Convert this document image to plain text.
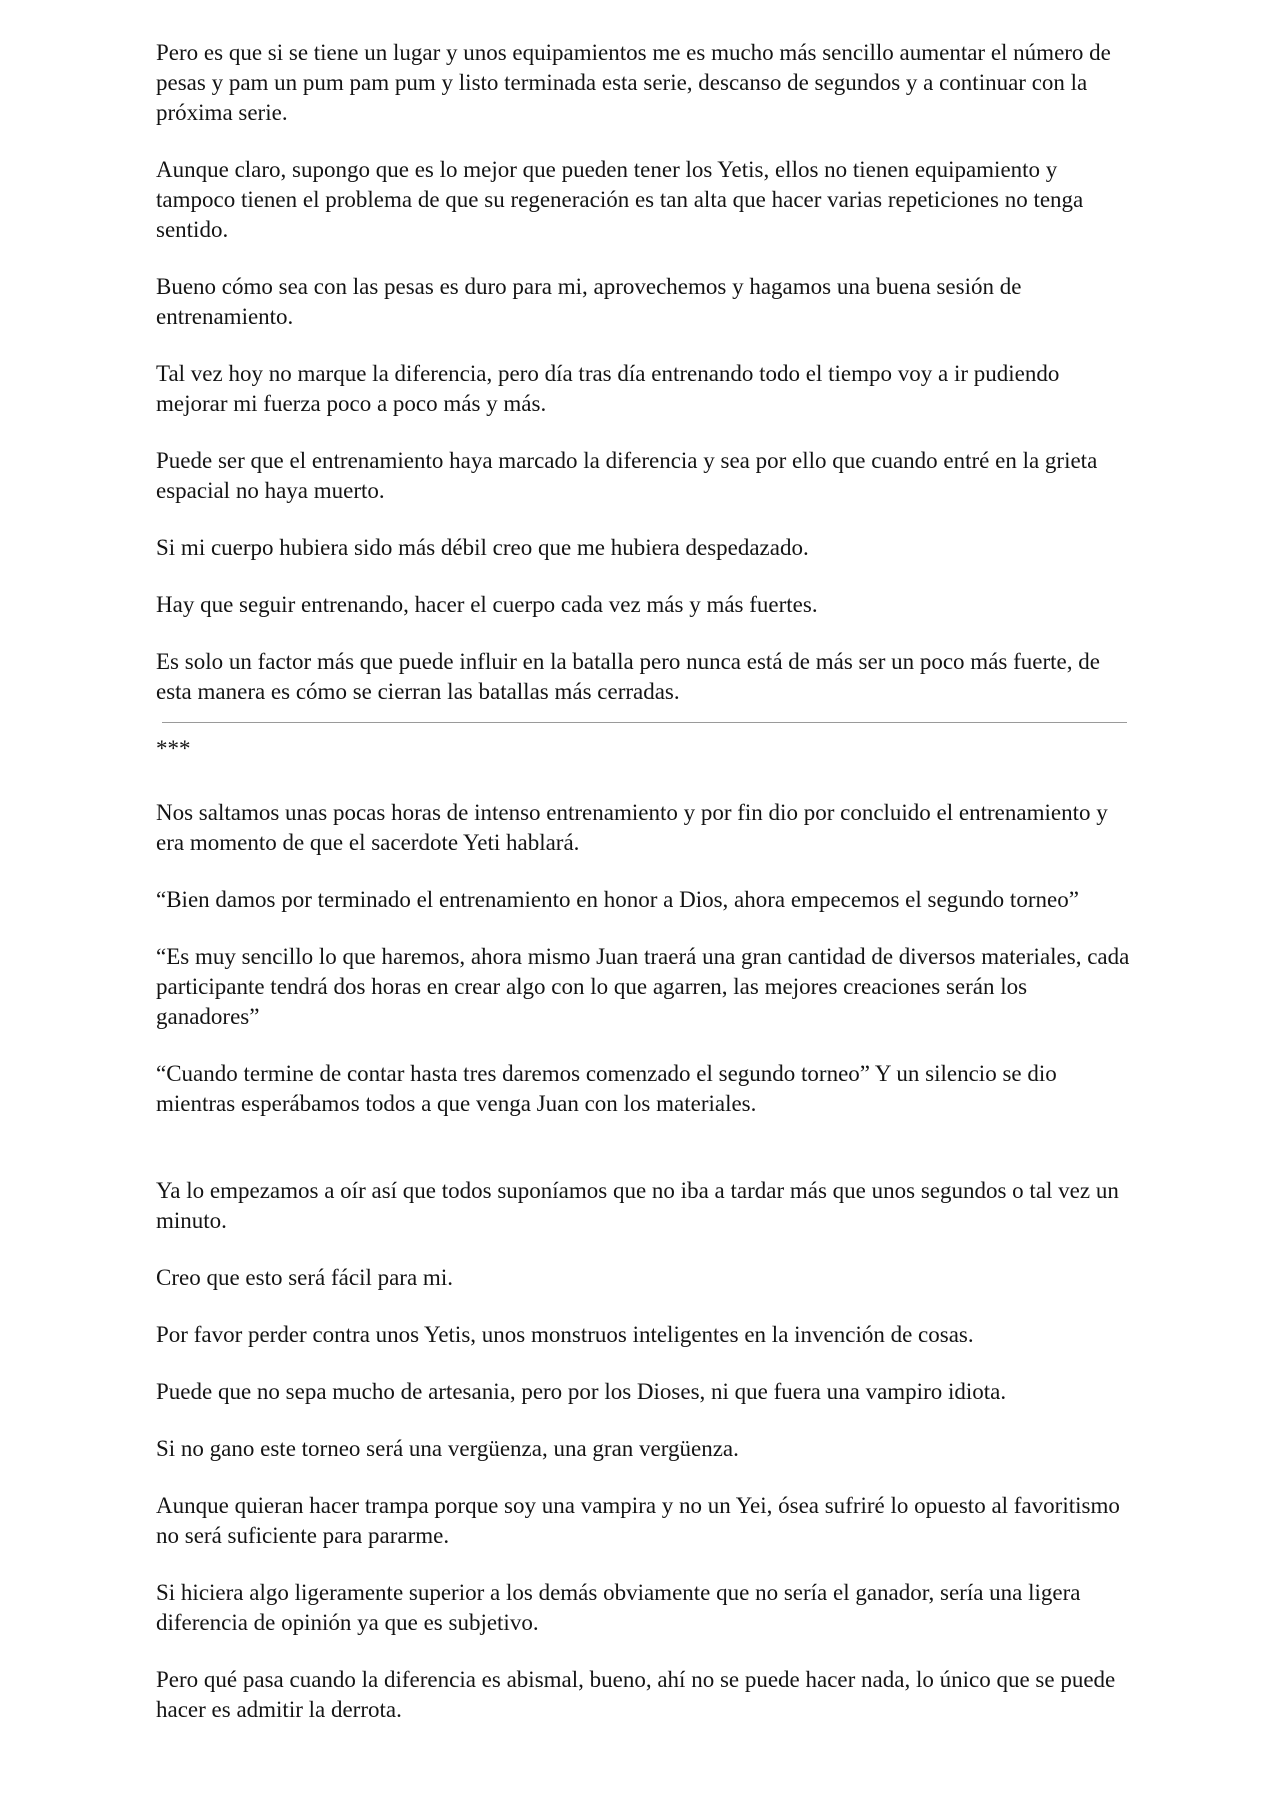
Pero es que si se tiene un lugar y unos equipamientos me es mucho más sencillo aumentar el número de pesas y pam un pum pam pum y listo terminada esta serie, descanso de segundos y a continuar con la próxima serie.

Aunque claro, supongo que es lo mejor que pueden tener los Yetis, ellos no tienen equipamiento y tampoco tienen el problema de que su regeneración es tan alta que hacer varias repeticiones no tenga sentido.

Bueno cómo sea con las pesas es duro para mi, aprovechemos y hagamos una buena sesión de entrenamiento.

Tal vez hoy no marque la diferencia, pero día tras día entrenando todo el tiempo voy a ir pudiendo mejorar mi fuerza poco a poco más y más.

Puede ser que el entrenamiento haya marcado la diferencia y sea por ello que cuando entré en la grieta espacial no haya muerto.

Si mi cuerpo hubiera sido más débil creo que me hubiera despedazado.

Hay que seguir entrenando, hacer el cuerpo cada vez más y más fuertes.

Es solo un factor más que puede influir en la batalla pero nunca está de más ser un poco más fuerte, de esta manera es cómo se cierran las batallas más cerradas.

***

Nos saltamos unas pocas horas de intenso entrenamiento y por fin dio por concluido el entrenamiento y era momento de que el sacerdote Yeti hablará.

“Bien damos por terminado el entrenamiento en honor a Dios, ahora empecemos el segundo torneo”

“Es muy sencillo lo que haremos, ahora mismo Juan traerá una gran cantidad de diversos materiales, cada participante tendrá dos horas en crear algo con lo que agarren, las mejores creaciones serán los ganadores”

“Cuando termine de contar hasta tres daremos comenzado el segundo torneo” Y un silencio se dio mientras esperábamos todos a que venga Juan con los materiales.

Ya lo empezamos a oír así que todos suponíamos que no iba a tardar más que unos segundos o tal vez un minuto.

Creo que esto será fácil para mi.

Por favor perder contra unos Yetis, unos monstruos inteligentes en la invención de cosas.

Puede que no sepa mucho de artesania, pero por los Dioses, ni que fuera una vampiro idiota.

Si no gano este torneo será una vergüenza, una gran vergüenza.

Aunque quieran hacer trampa porque soy una vampira y no un Yei, ósea sufriré lo opuesto al favoritismo no será suficiente para pararme.

Si hiciera algo ligeramente superior a los demás obviamente que no sería el ganador, sería una ligera diferencia de opinión ya que es subjetivo.

Pero qué pasa cuando la diferencia es abismal, bueno, ahí no se puede hacer nada, lo único que se puede hacer es admitir la derrota.
